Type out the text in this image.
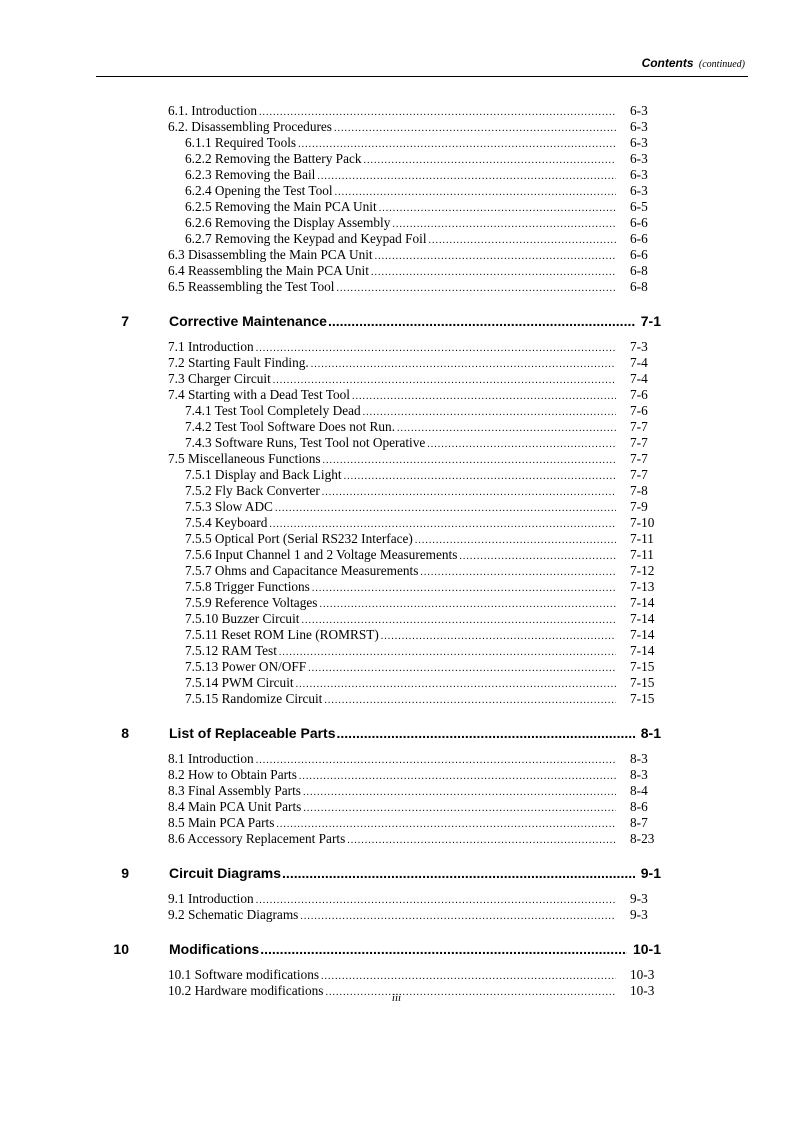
Contents (continued)
6.1. Introduction .....	6-3
6.2. Disassembling Procedures .....	6-3
6.1.1 Required Tools .....	6-3
6.2.2 Removing the Battery Pack .....	6-3
6.2.3 Removing the Bail .....	6-3
6.2.4 Opening the Test Tool .....	6-3
6.2.5 Removing the Main PCA Unit .....	6-5
6.2.6 Removing the Display Assembly .....	6-6
6.2.7 Removing the Keypad and Keypad Foil .....	6-6
6.3 Disassembling the Main PCA Unit .....	6-6
6.4 Reassembling the Main PCA Unit .....	6-8
6.5 Reassembling the Test Tool .....	6-8
7	Corrective Maintenance .....	7-1
7.1 Introduction .....	7-3
7.2 Starting Fault Finding. .....	7-4
7.3 Charger Circuit .....	7-4
7.4 Starting with a Dead Test Tool .....	7-6
7.4.1 Test Tool Completely Dead .....	7-6
7.4.2 Test Tool Software Does not Run. .....	7-7
7.4.3 Software Runs, Test Tool not Operative .....	7-7
7.5 Miscellaneous Functions .....	7-7
7.5.1 Display and Back Light .....	7-7
7.5.2 Fly Back Converter .....	7-8
7.5.3 Slow ADC .....	7-9
7.5.4 Keyboard .....	7-10
7.5.5 Optical Port (Serial RS232 Interface) .....	7-11
7.5.6 Input Channel 1 and 2 Voltage Measurements .....	7-11
7.5.7 Ohms and Capacitance Measurements .....	7-12
7.5.8 Trigger Functions .....	7-13
7.5.9 Reference Voltages .....	7-14
7.5.10 Buzzer Circuit .....	7-14
7.5.11 Reset ROM Line (ROMRST) .....	7-14
7.5.12 RAM Test .....	7-14
7.5.13 Power ON/OFF .....	7-15
7.5.14 PWM Circuit .....	7-15
7.5.15 Randomize Circuit .....	7-15
8	List of Replaceable Parts .....	8-1
8.1 Introduction .....	8-3
8.2 How to Obtain Parts .....	8-3
8.3 Final Assembly Parts .....	8-4
8.4 Main PCA Unit Parts .....	8-6
8.5 Main PCA Parts .....	8-7
8.6 Accessory Replacement Parts .....	8-23
9	Circuit Diagrams .....	9-1
9.1 Introduction .....	9-3
9.2 Schematic Diagrams .....	9-3
10	Modifications .....	10-1
10.1 Software modifications .....	10-3
10.2 Hardware modifications .....	10-3
iii
